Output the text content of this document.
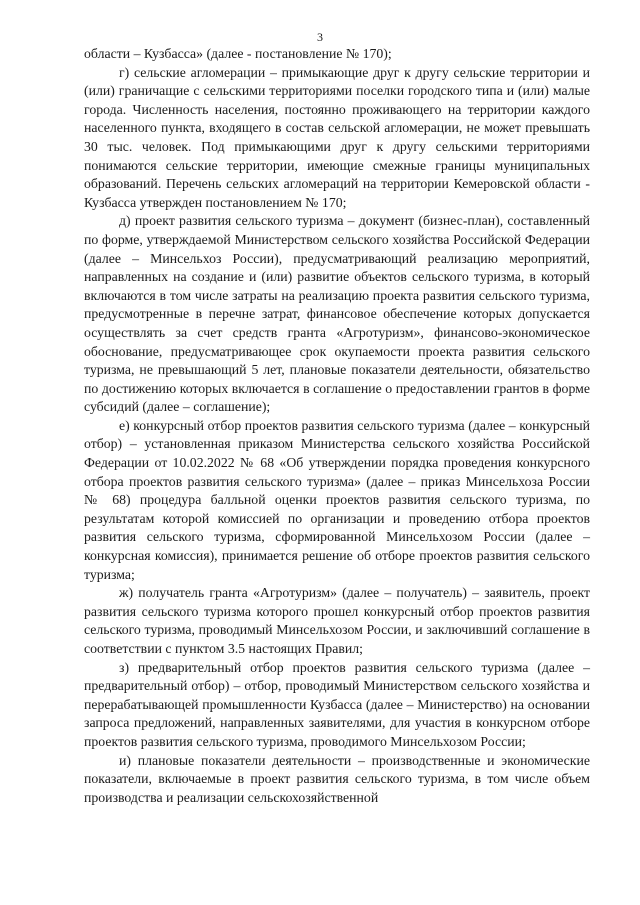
3

области – Кузбасса» (далее - постановление № 170);

г) сельские агломерации – примыкающие друг к другу сельские территории и (или) граничащие с сельскими территориями поселки городского типа и (или) малые города. Численность населения, постоянно проживающего на территории каждого населенного пункта, входящего в состав сельской агломерации, не может превышать 30 тыс. человек. Под примыкающими друг к другу сельскими территориями понимаются сельские территории, имеющие смежные границы муниципальных образований. Перечень сельских агломераций на территории Кемеровской области - Кузбасса утвержден постановлением № 170;

д) проект развития сельского туризма – документ (бизнес-план), составленный по форме, утверждаемой Министерством сельского хозяйства Российской Федерации (далее – Минсельхоз России), предусматривающий реализацию мероприятий, направленных на создание и (или) развитие объектов сельского туризма, в который включаются в том числе затраты на реализацию проекта развития сельского туризма, предусмотренные в перечне затрат, финансовое обеспечение которых допускается осуществлять за счет средств гранта «Агротуризм», финансово-экономическое обоснование, предусматривающее срок окупаемости проекта развития сельского туризма, не превышающий 5 лет, плановые показатели деятельности, обязательство по достижению которых включается в соглашение о предоставлении грантов в форме субсидий (далее – соглашение);

е) конкурсный отбор проектов развития сельского туризма (далее – конкурсный отбор) – установленная приказом Министерства сельского хозяйства Российской Федерации от 10.02.2022 № 68 «Об утверждении порядка проведения конкурсного отбора проектов развития сельского туризма» (далее – приказ Минсельхоза России № 68) процедура балльной оценки проектов развития сельского туризма, по результатам которой комиссией по организации и проведению отбора проектов развития сельского туризма, сформированной Минсельхозом России (далее – конкурсная комиссия), принимается решение об отборе проектов развития сельского туризма;

ж) получатель гранта «Агротуризм» (далее – получатель) – заявитель, проект развития сельского туризма которого прошел конкурсный отбор проектов развития сельского туризма, проводимый Минсельхозом России, и заключивший соглашение в соответствии с пунктом 3.5 настоящих Правил;

з) предварительный отбор проектов развития сельского туризма (далее – предварительный отбор) – отбор, проводимый Министерством сельского хозяйства и перерабатывающей промышленности Кузбасса (далее – Министерство) на основании запроса предложений, направленных заявителями, для участия в конкурсном отборе проектов развития сельского туризма, проводимого Минсельхозом России;

и) плановые показатели деятельности – производственные и экономические показатели, включаемые в проект развития сельского туризма, в том числе объем производства и реализации сельскохозяйственной
